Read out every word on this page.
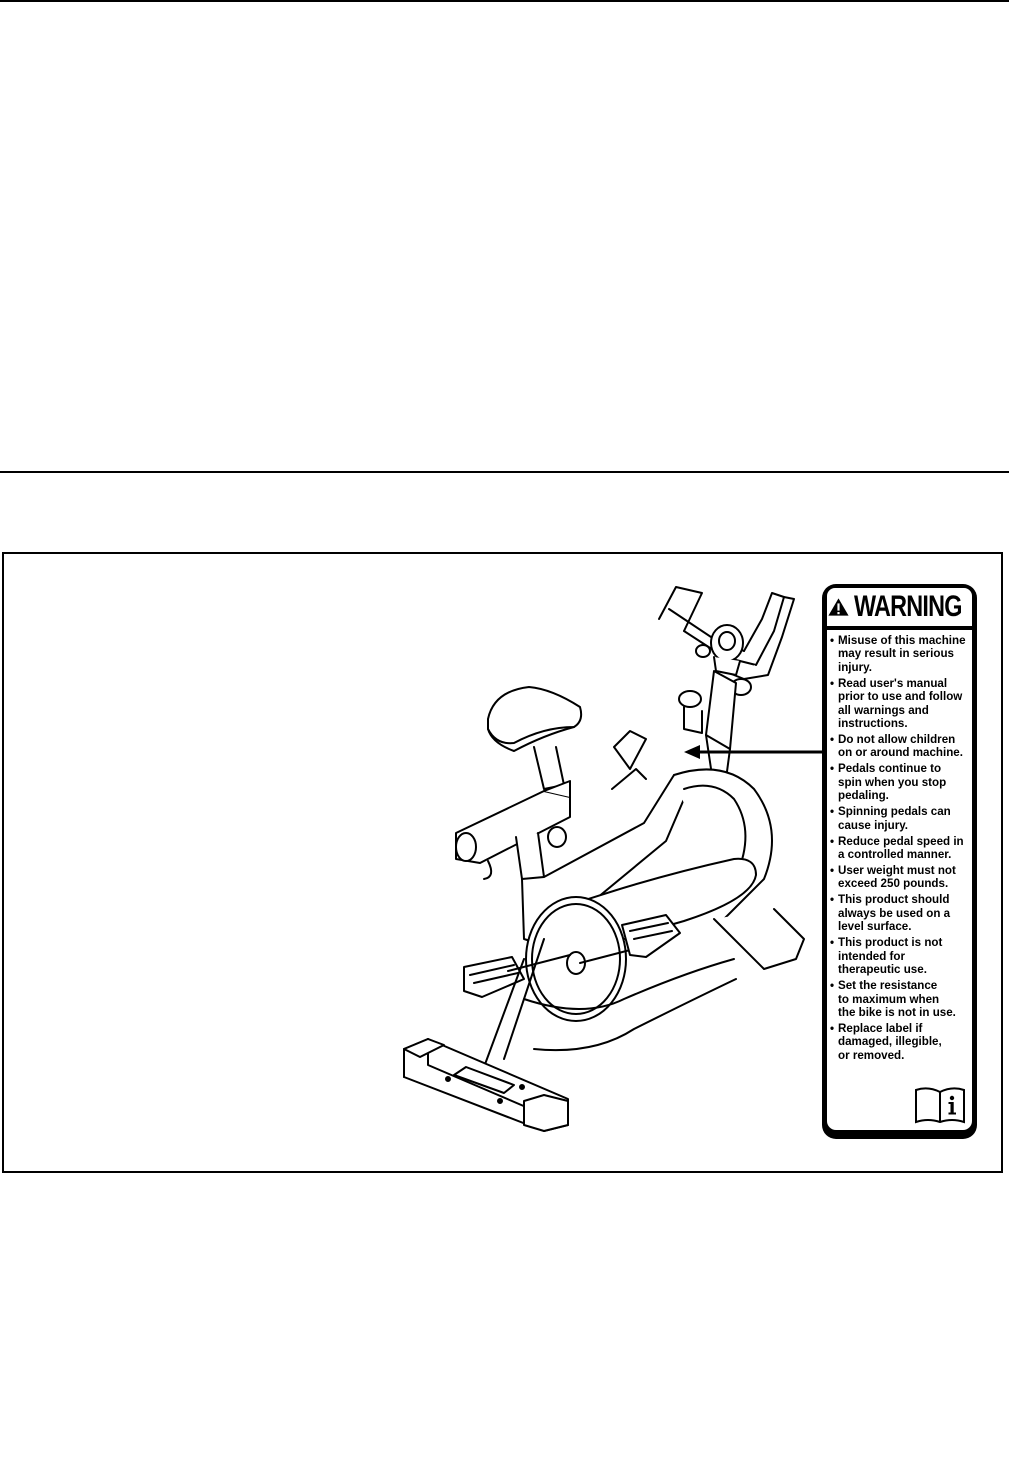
WARNING
• Misuse of this machine
may result in serious
injury.
• Read user's manual
prior to use and follow
all warnings and
instructions.
• Do not allow children
on or around machine.
• Pedals continue to
spin when you stop
pedaling.
• Spinning pedals can
cause injury.
• Reduce pedal speed in
a controlled manner.
• User weight must not
exceed 250 pounds.
• This product should
always be used on a
level surface.
• This product is not
intended for
therapeutic use.
• Set the resistance
to maximum when
the bike is not in use.
• Replace label if
damaged, illegible,
or removed.
